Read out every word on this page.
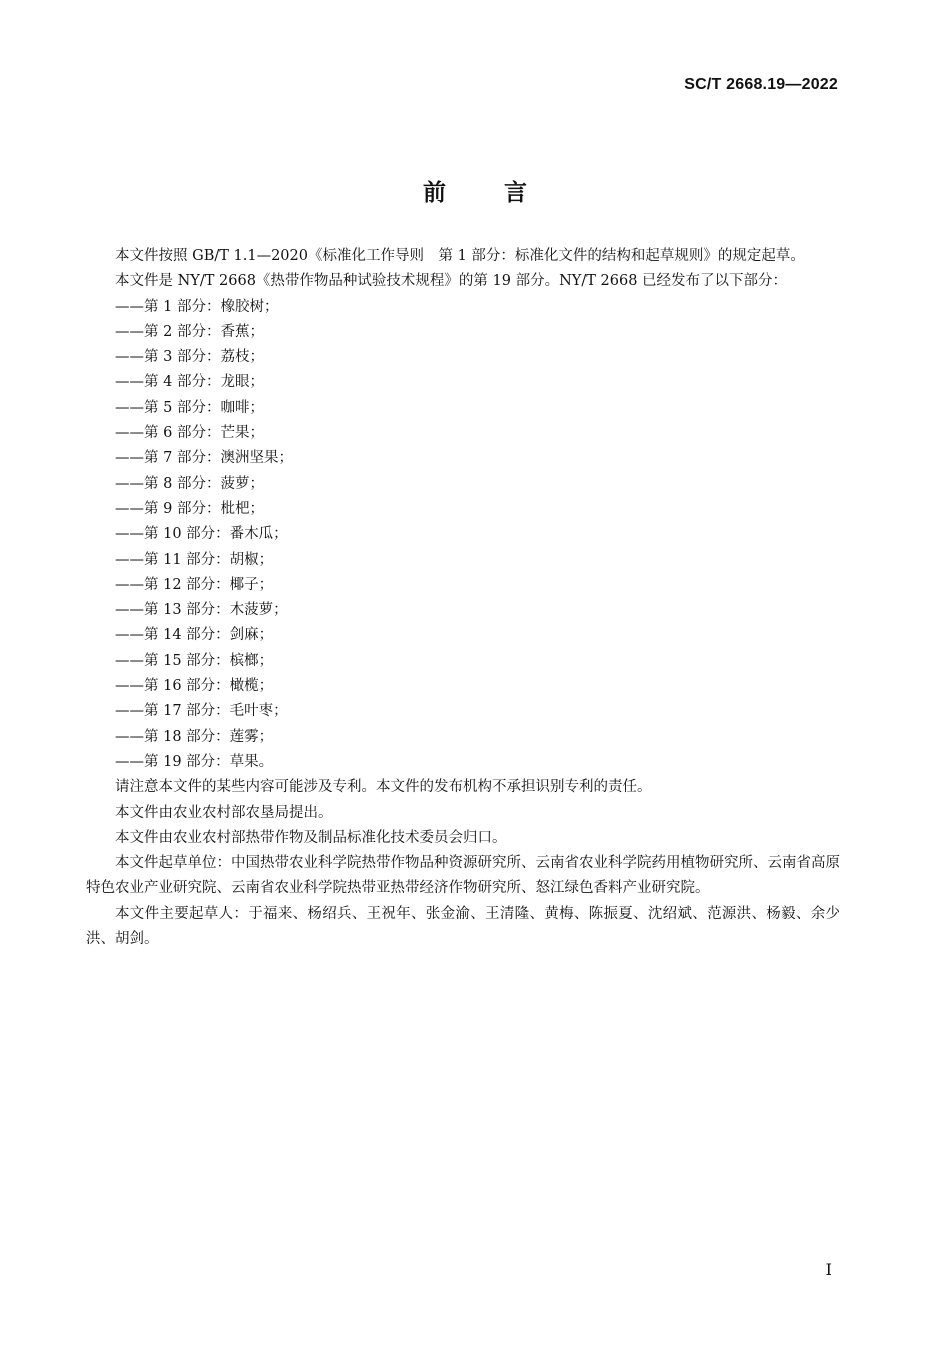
SC/T 2668.19—2022
前言

本文件按照 GB/T 1.1—2020《标准化工作导则　第 1 部分：标准化文件的结构和起草规则》的规定起草。

本文件是 NY/T 2668《热带作物品种试验技术规程》的第 19 部分。NY/T 2668 已经发布了以下部分：

——第 1 部分：橡胶树；
——第 2 部分：香蕉；
——第 3 部分：荔枝；
——第 4 部分：龙眼；
——第 5 部分：咖啡；
——第 6 部分：芒果；
——第 7 部分：澳洲坚果；
——第 8 部分：菠萝；
——第 9 部分：枇杷；
——第 10 部分：番木瓜；
——第 11 部分：胡椒；
——第 12 部分：椰子；
——第 13 部分：木菠萝；
——第 14 部分：剑麻；
——第 15 部分：槟榔；
——第 16 部分：橄榄；
——第 17 部分：毛叶枣；
——第 18 部分：莲雾；
——第 19 部分：草果。

请注意本文件的某些内容可能涉及专利。本文件的发布机构不承担识别专利的责任。

本文件由农业农村部农垦局提出。

本文件由农业农村部热带作物及制品标准化技术委员会归口。

本文件起草单位：中国热带农业科学院热带作物品种资源研究所、云南省农业科学院药用植物研究所、云南省高原特色农业产业研究院、云南省农业科学院热带亚热带经济作物研究所、怒江绿色香料产业研究院。

本文件主要起草人：于福来、杨绍兵、王祝年、张金渝、王清隆、黄梅、陈振夏、沈绍斌、范源洪、杨毅、余少洪、胡剑。

I
